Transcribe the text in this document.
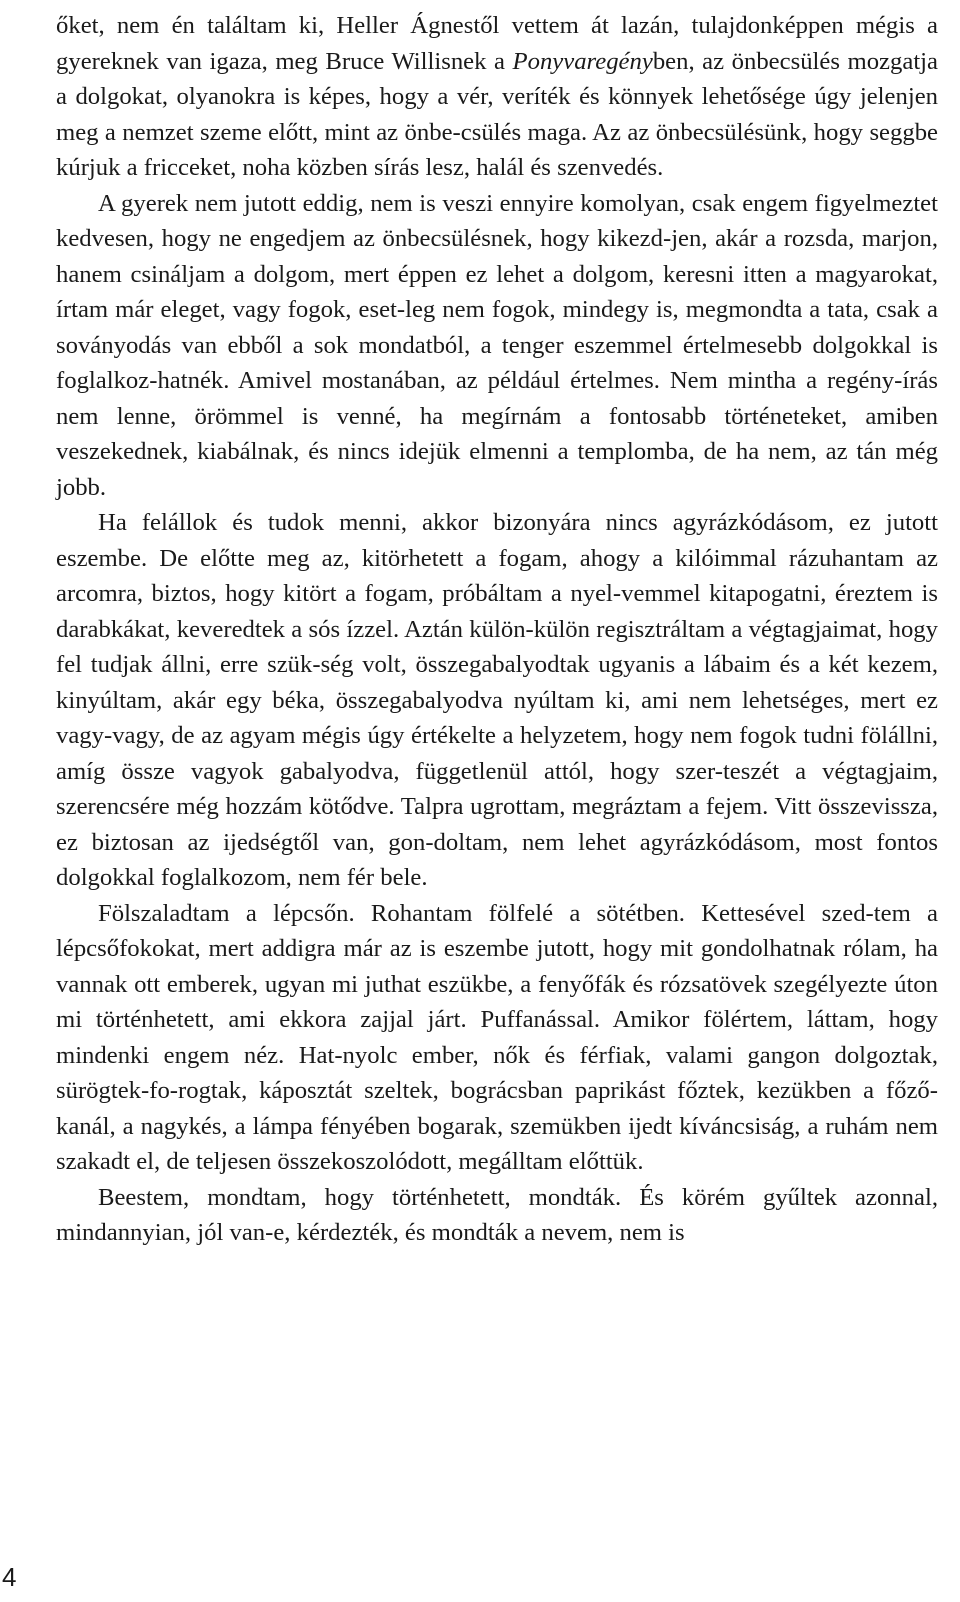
őket, nem én találtam ki, Heller Ágnestől vettem át lazán, tulajdonképpen mégis a gyereknek van igaza, meg Bruce Willisnek a Ponyvaregényben, az önbecsülés mozgatja a dolgokat, olyanokra is képes, hogy a vér, veríték és könnyek lehetősége úgy jelenjen meg a nemzet szeme előtt, mint az önbe-csülés maga. Az az önbecsülésünk, hogy seggbe kúrjuk a fricceket, noha közben sírás lesz, halál és szenvedés.

A gyerek nem jutott eddig, nem is veszi ennyire komolyan, csak engem figyelmeztet kedvesen, hogy ne engedjem az önbecsülésnek, hogy kikezd-jen, akár a rozsda, marjon, hanem csináljam a dolgom, mert éppen ez lehet a dolgom, keresni itten a magyarokat, írtam már eleget, vagy fogok, eset-leg nem fogok, mindegy is, megmondta a tata, csak a soványodás van ebből a sok mondatból, a tenger eszemmel értelmesebb dolgokkal is foglalkoz-hatnék. Amivel mostanában, az például értelmes. Nem mintha a regény-írás nem lenne, örömmel is venné, ha megírnám a fontosabb történeteket, amiben veszekednek, kiabálnak, és nincs idejük elmenni a templomba, de ha nem, az tán még jobb.

Ha felállok és tudok menni, akkor bizonyára nincs agyrázkódásom, ez jutott eszembe. De előtte meg az, kitörhetett a fogam, ahogy a kilóimmal rázuhantam az arcomra, biztos, hogy kitört a fogam, próbáltam a nyel-vemmel kitapogatni, éreztem is darabkákat, keveredtek a sós ízzel. Aztán külön-külön regisztráltam a végtagjaimat, hogy fel tudjak állni, erre szük-ség volt, összegabalyodtak ugyanis a lábaim és a két kezem, kinyúltam, akár egy béka, összegabalyodva nyúltam ki, ami nem lehetséges, mert ez vagy-vagy, de az agyam mégis úgy értékelte a helyzetem, hogy nem fogok tudni fölállni, amíg össze vagyok gabalyodva, függetlenül attól, hogy szer-teszét a végtagjaim, szerencsére még hozzám kötődve. Talpra ugrottam, megráztam a fejem. Vitt összevissza, ez biztosan az ijedségtől van, gon-doltam, nem lehet agyrázkódásom, most fontos dolgokkal foglalkozom, nem fér bele.

Fölszaladtam a lépcsőn. Rohantam fölfelé a sötétben. Kettesével szed-tem a lépcsőfokokat, mert addigra már az is eszembe jutott, hogy mit gondolhatnak rólam, ha vannak ott emberek, ugyan mi juthat eszükbe, a fenyőfák és rózsatövek szegélyezte úton mi történhetett, ami ekkora zajjal járt. Puffanással. Amikor fölértem, láttam, hogy mindenki engem néz. Hat-nyolc ember, nők és férfiak, valami gangon dolgoztak, sürögtek-fo-rogtak, káposztát szeltek, bográcsban paprikást főztek, kezükben a főző-kanál, a nagykés, a lámpa fényében bogarak, szemükben ijedt kíváncsiság, a ruhám nem szakadt el, de teljesen összekoszolódott, megálltam előttük.

Beestem, mondtam, hogy történhetett, mondták. És körém gyűltek azonnal, mindannyian, jól van-e, kérdezték, és mondták a nevem, nem is

4
